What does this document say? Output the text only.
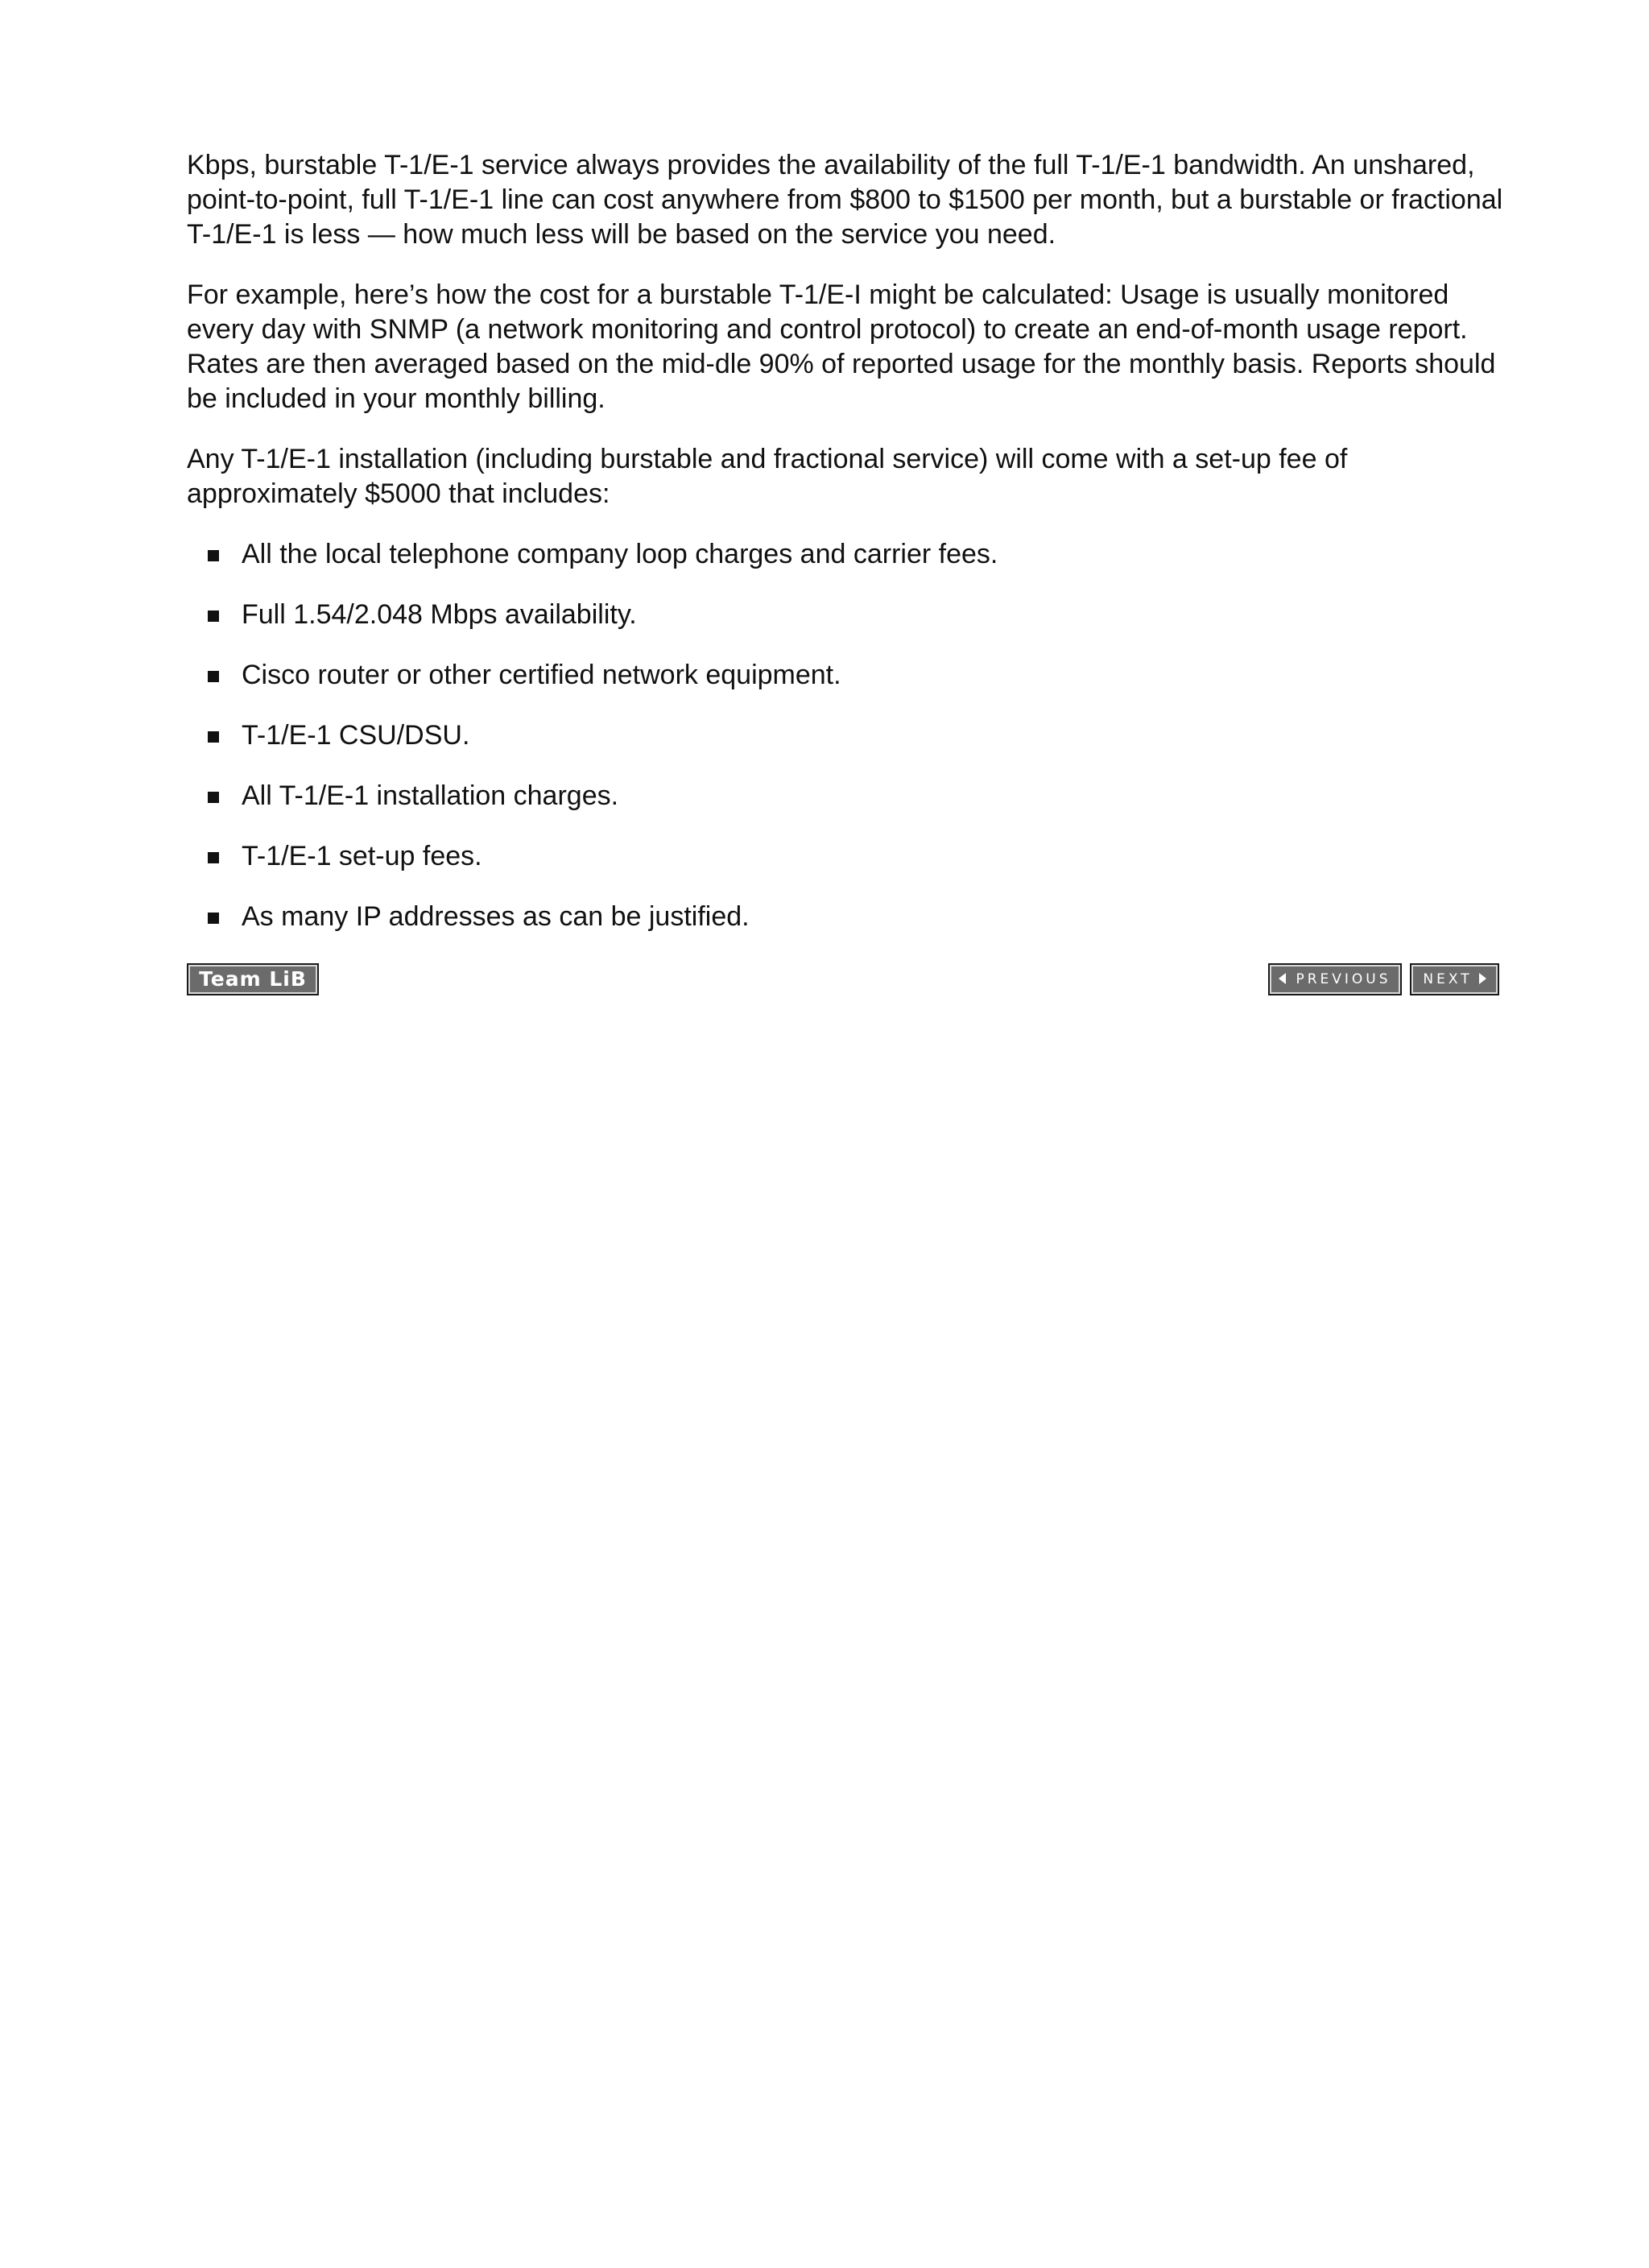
Kbps, burstable T-1/E-1 service always provides the availability of the full T-1/E-1 bandwidth. An unshared, point-to-point, full T-1/E-1 line can cost anywhere from $800 to $1500 per month, but a burstable or fractional T-1/E-1 is less — how much less will be based on the service you need.

For example, here’s how the cost for a burstable T-1/E-I might be calculated: Usage is usually monitored every day with SNMP (a network monitoring and control protocol) to create an end-of-month usage report. Rates are then averaged based on the mid-dle 90% of reported usage for the monthly basis. Reports should be included in your monthly billing.

Any T-1/E-1 installation (including burstable and fractional service) will come with a set-up fee of approximately $5000 that includes:

All the local telephone company loop charges and carrier fees.
Full 1.54/2.048 Mbps availability.
Cisco router or other certified network equipment.
T-1/E-1 CSU/DSU.
All T-1/E-1 installation charges.
T-1/E-1 set-up fees.
As many IP addresses as can be justified.
Team LiB	PREVIOUS	NEXT
